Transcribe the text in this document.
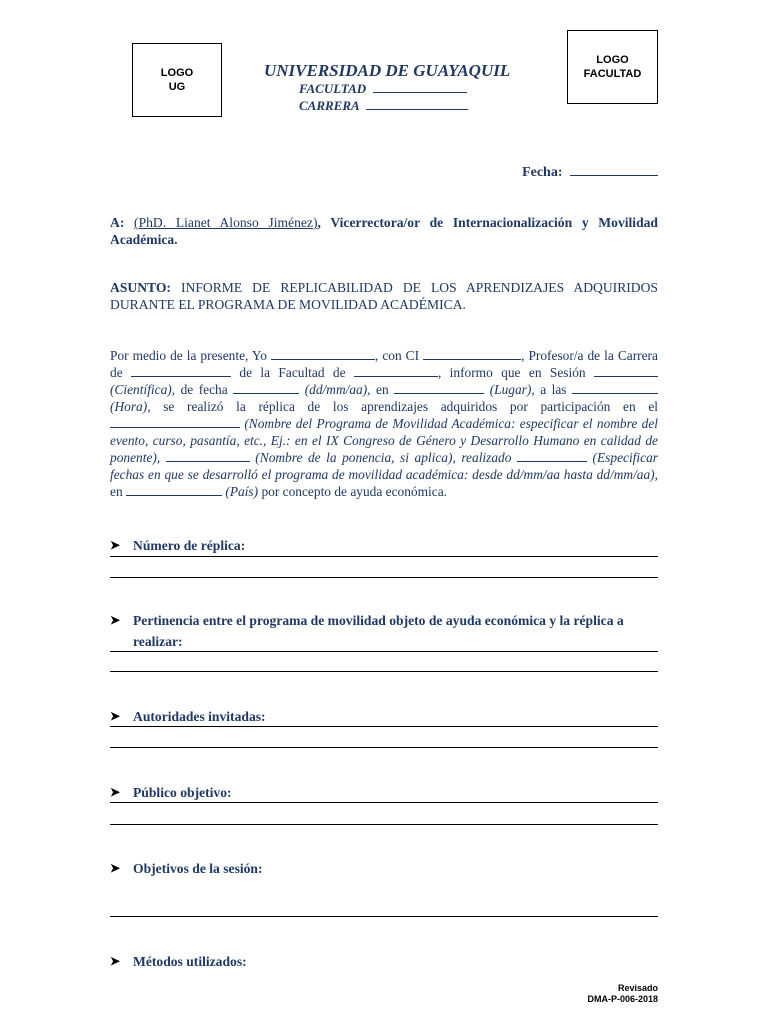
LOGO
UG
LOGO
FACULTAD
UNIVERSIDAD DE GUAYAQUIL
FACULTAD
CARRERA
Fecha:
A: (PhD. Lianet Alonso Jiménez), Vicerrectora/or de Internacionalización y Movilidad Académica.
ASUNTO: INFORME DE REPLICABILIDAD DE LOS APRENDIZAJES ADQUIRIDOS DURANTE EL PROGRAMA DE MOVILIDAD ACADÉMICA.
Por medio de la presente, Yo	, con CI	, Profesor/a de la Carrera de	de la Facultad de	, informo que en Sesión  (Científica), de fecha	(dd/mm/aa), en	(Lugar), a las  (Hora), se realizó la réplica de los aprendizajes adquiridos por participación en el  (Nombre del Programa de Movilidad Académica: especificar el nombre del evento, curso, pasantía, etc., Ej.: en el IX Congreso de Género y Desarrollo Humano en calidad de ponente),	(Nombre de la ponencia, si aplica), realizado	(Especificar fechas en que se desarrolló el programa de movilidad académica: desde dd/mm/aa hasta dd/mm/aa), en	(País) por concepto de ayuda económica.
➤ Número de réplica:
➤ Pertinencia entre el programa de movilidad objeto de ayuda económica y la réplica a realizar:
➤ Autoridades invitadas:
➤ Público objetivo:
➤ Objetivos de la sesión:
➤ Métodos utilizados:
Revisado
DMA-P-006-2018
